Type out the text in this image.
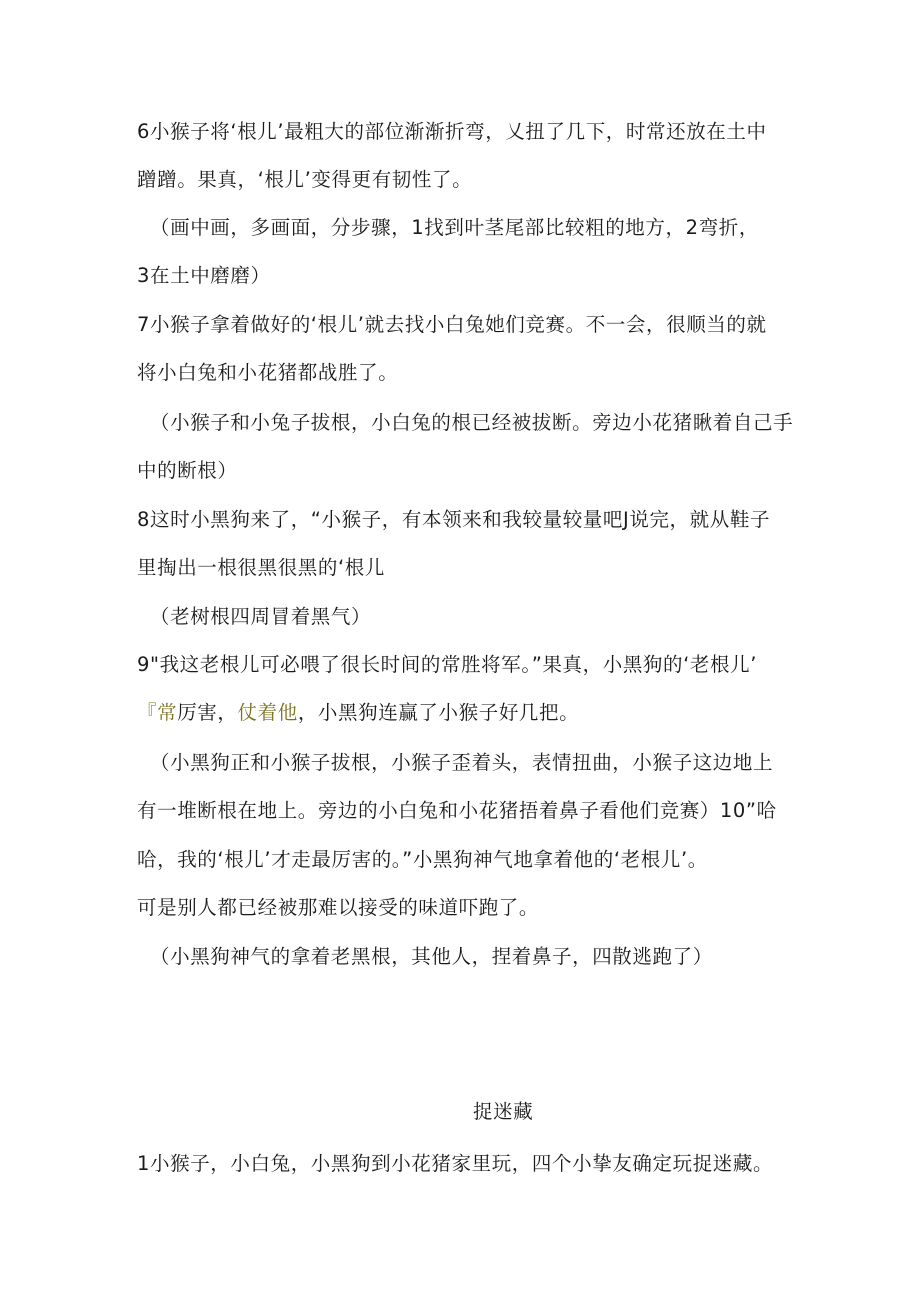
6小猴子将‘根儿’最粗大的部位渐渐折弯，乂扭了几下，时常还放在土中
蹭蹭。果真，‘根儿’变得更有韧性了。
（画中画，多画面，分步骤，1找到叶茎尾部比较粗的地方，2弯折，
3在土中磨磨）
7小猴子拿着做好的‘根儿’就去找小白兔她们竞赛。不一会，很顺当的就
将小白兔和小花猪都战胜了。
（小猴子和小兔子拔根，小白兔的根已经被拔断。旁边小花猪瞅着自己手
中的断根）
8这时小黑狗来了，“小猴子，有本领来和我较量较量吧J说完，就从鞋子
里掏出一根很黑很黑的‘根儿
（老树根四周冒着黑气）
9"我这老根儿可必喂了很长时间的常胜将军。”果真，小黑狗的‘老根儿’
『常厉害，仗着他，小黑狗连赢了小猴子好几把。
（小黑狗正和小猴子拔根，小猴子歪着头，表情扭曲，小猴子这边地上
有一堆断根在地上。旁边的小白兔和小花猪捂着鼻子看他们竞赛）10”哈
哈，我的‘根儿’才走最厉害的。”小黑狗神气地拿着他的‘老根儿’。
可是别人都已经被那难以接受的味道吓跑了。
（小黑狗神气的拿着老黑根，其他人，捏着鼻子，四散逃跑了）
捉迷藏
1小猴子，小白兔，小黑狗到小花猪家里玩，四个小挚友确定玩捉迷藏。
